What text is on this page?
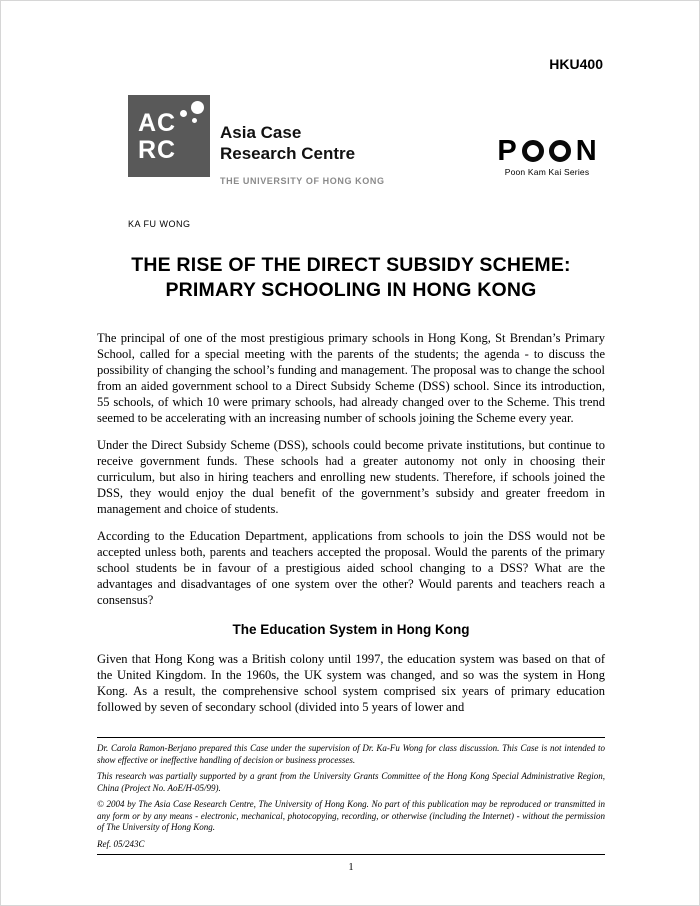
HKU400
AC
RC
Asia Case
Research Centre
THE UNIVERSITY OF HONG KONG
P N
Poon Kam Kai Series
KA FU WONG
THE RISE OF THE DIRECT SUBSIDY SCHEME:
PRIMARY SCHOOLING IN HONG KONG

The principal of one of the most prestigious primary schools in Hong Kong, St Brendan’s Primary School, called for a special meeting with the parents of the students; the agenda - to discuss the possibility of changing the school’s funding and management. The proposal was to change the school from an aided government school to a Direct Subsidy Scheme (DSS) school. Since its introduction, 55 schools, of which 10 were primary schools, had already changed over to the Scheme. This trend seemed to be accelerating with an increasing number of schools joining the Scheme every year.

Under the Direct Subsidy Scheme (DSS), schools could become private institutions, but continue to receive government funds. These schools had a greater autonomy not only in choosing their curriculum, but also in hiring teachers and enrolling new students. Therefore, if schools joined the DSS, they would enjoy the dual benefit of the government’s subsidy and greater freedom in management and choice of students.

According to the Education Department, applications from schools to join the DSS would not be accepted unless both, parents and teachers accepted the proposal. Would the parents of the primary school students be in favour of a prestigious aided school changing to a DSS? What are the advantages and disadvantages of one system over the other? Would parents and teachers reach a consensus?

The Education System in Hong Kong

Given that Hong Kong was a British colony until 1997, the education system was based on that of the United Kingdom. In the 1960s, the UK system was changed, and so was the system in Hong Kong. As a result, the comprehensive school system comprised six years of primary education followed by seven of secondary school (divided into 5 years of lower and

Dr. Carola Ramon-Berjano prepared this Case under the supervision of Dr. Ka-Fu Wong for class discussion. This Case is not intended to show effective or ineffective handling of decision or business processes.

This research was partially supported by a grant from the University Grants Committee of the Hong Kong Special Administrative Region, China (Project No. AoE/H-05/99).

© 2004 by The Asia Case Research Centre, The University of Hong Kong. No part of this publication may be reproduced or transmitted in any form or by any means - electronic, mechanical, photocopying, recording, or otherwise (including the Internet) - without the permission of The University of Hong Kong.

Ref. 05/243C

1
